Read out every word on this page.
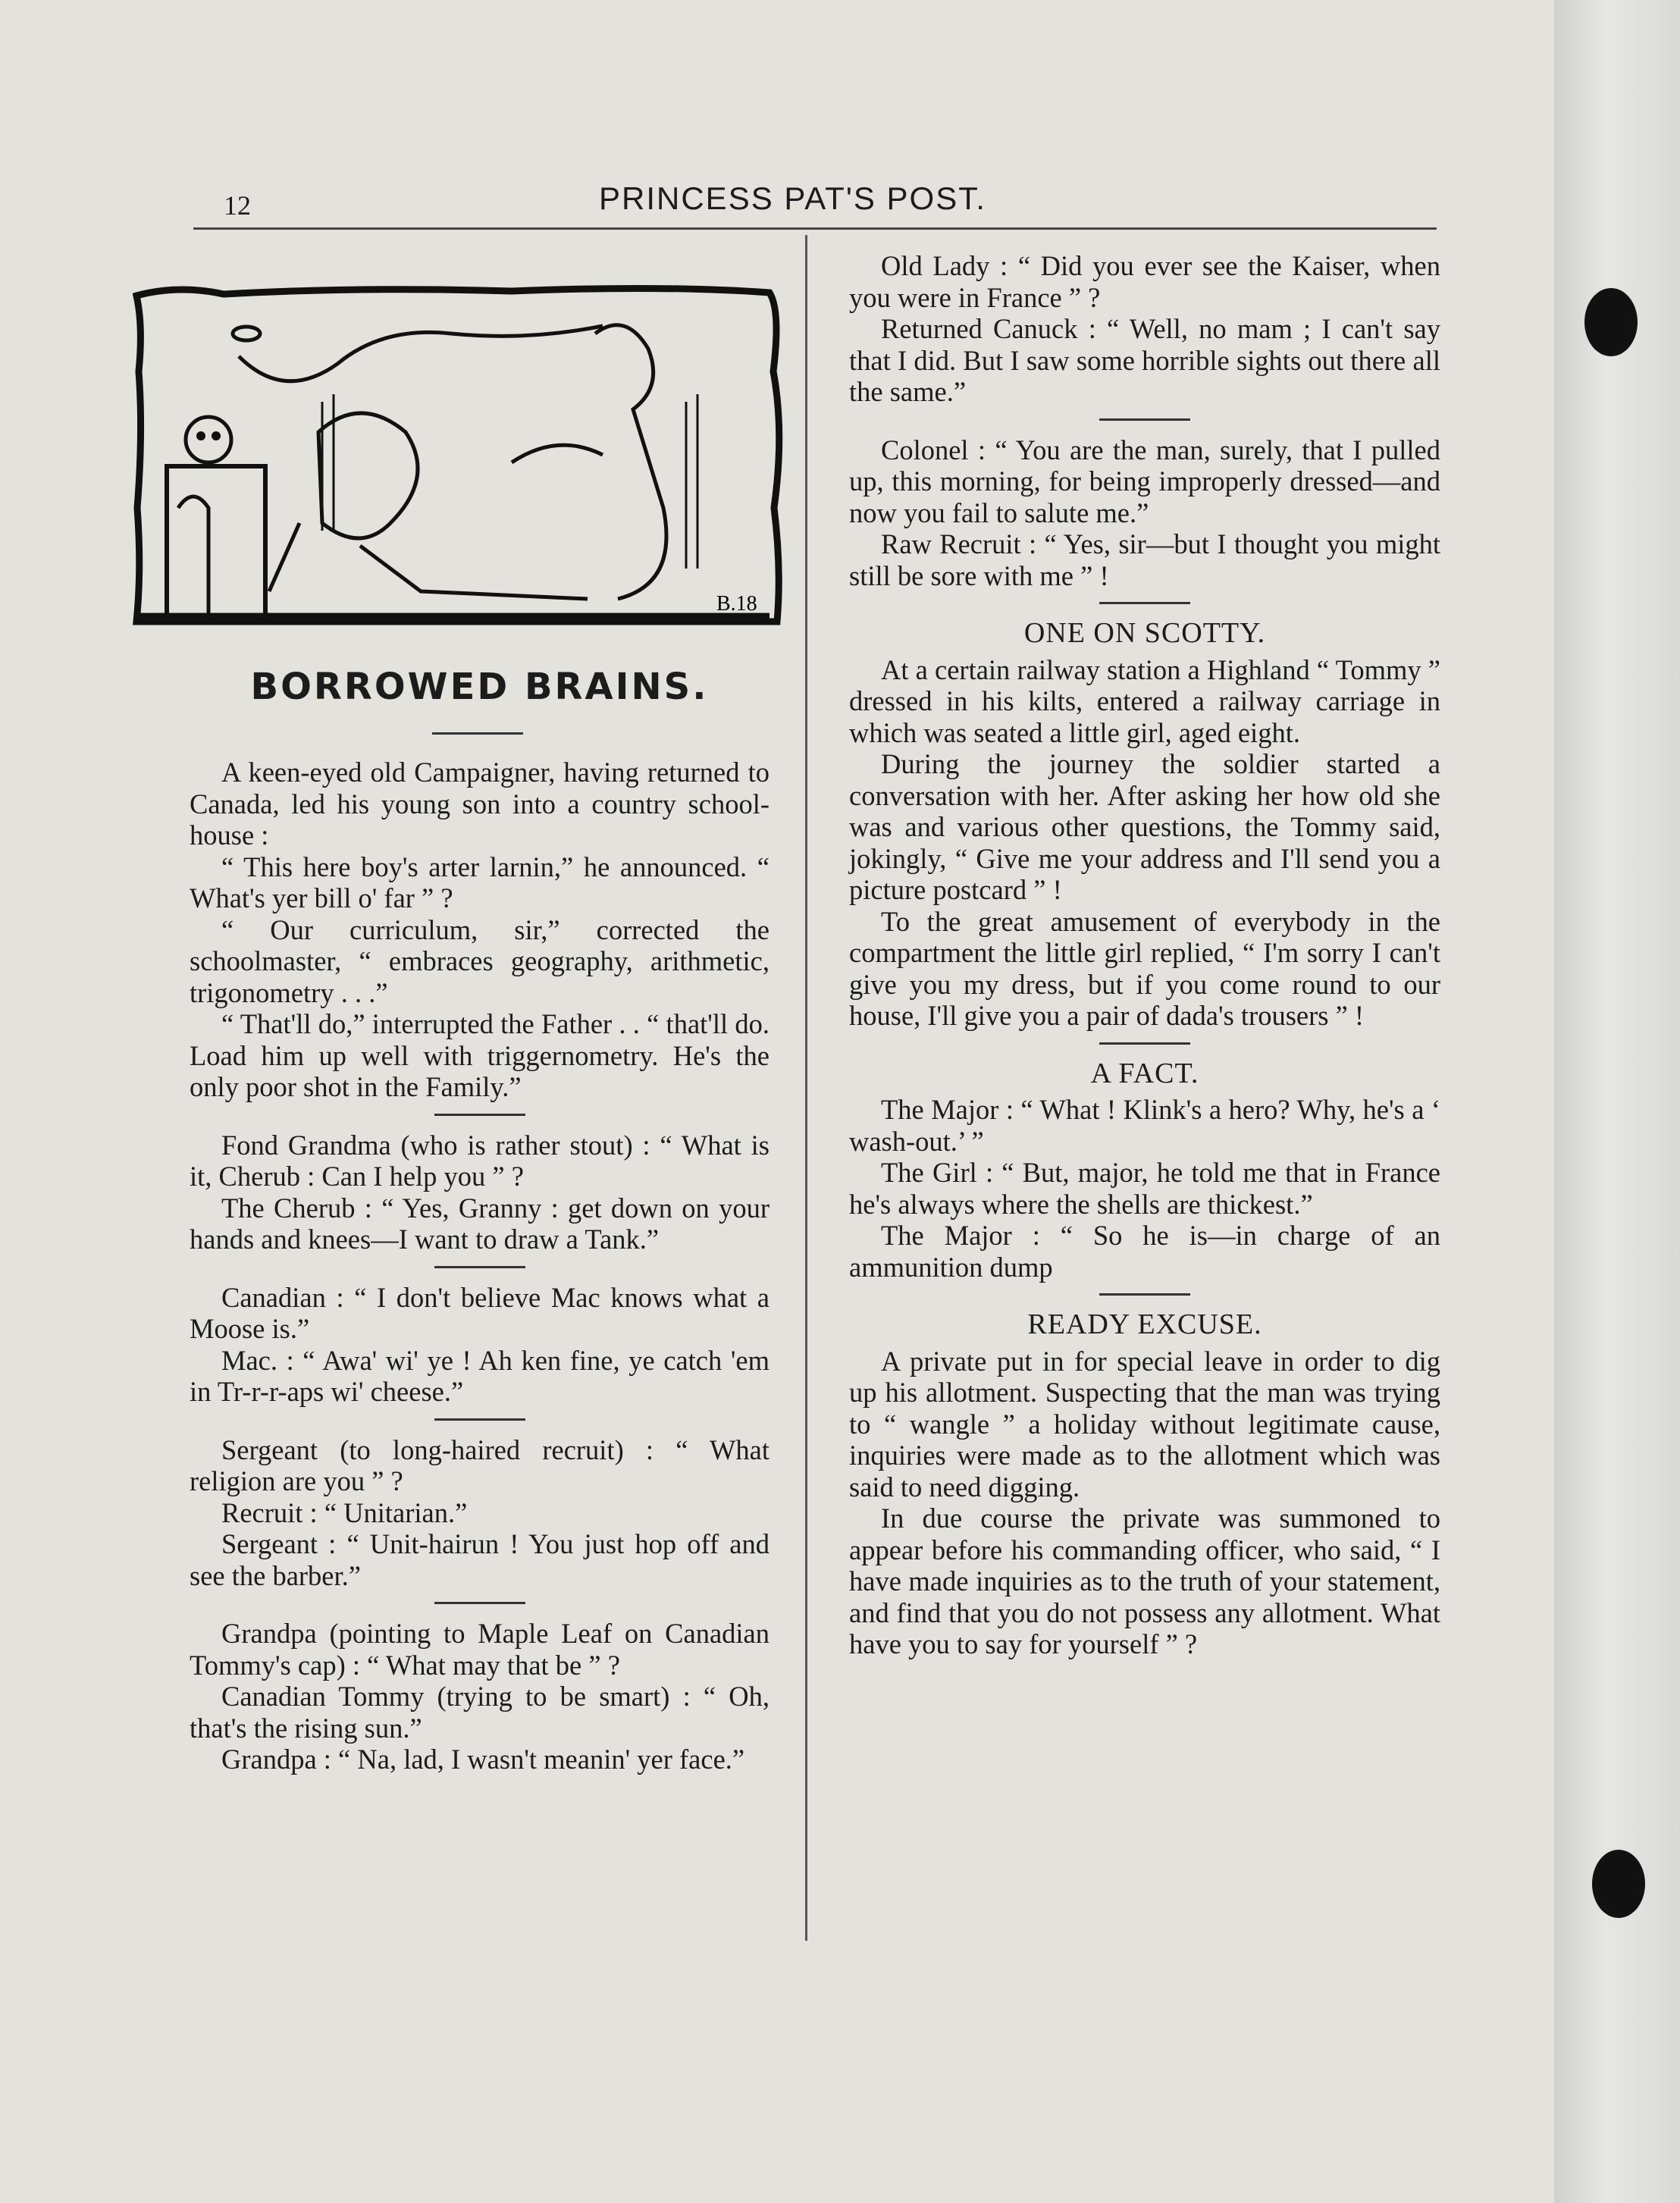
12	PRINCESS PAT'S POST.
B.18
BORROWED BRAINS.

A keen-eyed old Campaigner, having returned to Canada, led his young son into a country school-house :

“ This here boy's arter larnin,” he announced. “ What's yer bill o' far ” ?

“ Our curriculum, sir,” corrected the schoolmaster, “ embraces geography, arithmetic, trigonometry . . .”

“ That'll do,” interrupted the Father . . “ that'll do. Load him up well with triggernometry. He's the only poor shot in the Family.”

Fond Grandma (who is rather stout) : “ What is it, Cherub : Can I help you ” ?

The Cherub : “ Yes, Granny : get down on your hands and knees—I want to draw a Tank.”

Canadian : “ I don't believe Mac knows what a Moose is.”

Mac. : “ Awa' wi' ye ! Ah ken fine, ye catch 'em in Tr-r-r-aps wi' cheese.”

Sergeant (to long-haired recruit) : “ What religion are you ” ?

Recruit : “ Unitarian.”

Sergeant : “ Unit-hairun ! You just hop off and see the barber.”

Grandpa (pointing to Maple Leaf on Canadian Tommy's cap) : “ What may that be ” ?

Canadian Tommy (trying to be smart) : “ Oh, that's the rising sun.”

Grandpa : “ Na, lad, I wasn't meanin' yer face.”

Old Lady : “ Did you ever see the Kaiser, when you were in France ” ?

Returned Canuck : “ Well, no mam ; I can't say that I did. But I saw some horrible sights out there all the same.”

Colonel : “ You are the man, surely, that I pulled up, this morning, for being improperly dressed—and now you fail to salute me.”

Raw Recruit : “ Yes, sir—but I thought you might still be sore with me ” !

ONE ON SCOTTY.

At a certain railway station a Highland “ Tommy ” dressed in his kilts, entered a railway carriage in which was seated a little girl, aged eight.

During the journey the soldier started a conversation with her. After asking her how old she was and various other questions, the Tommy said, jokingly, “ Give me your address and I'll send you a picture postcard ” !

To the great amusement of everybody in the compartment the little girl replied, “ I'm sorry I can't give you my dress, but if you come round to our house, I'll give you a pair of dada's trousers ” !

A FACT.

The Major : “ What ! Klink's a hero? Why, he's a ‘ wash-out.’ ”

The Girl : “ But, major, he told me that in France he's always where the shells are thickest.”

The Major : “ So he is—in charge of an ammunition dump

READY EXCUSE.

A private put in for special leave in order to dig up his allotment. Suspecting that the man was trying to “ wangle ” a holiday without legitimate cause, inquiries were made as to the allotment which was said to need digging.

In due course the private was summoned to appear before his commanding officer, who said, “ I have made inquiries as to the truth of your statement, and find that you do not possess any allotment. What have you to say for yourself ” ?
